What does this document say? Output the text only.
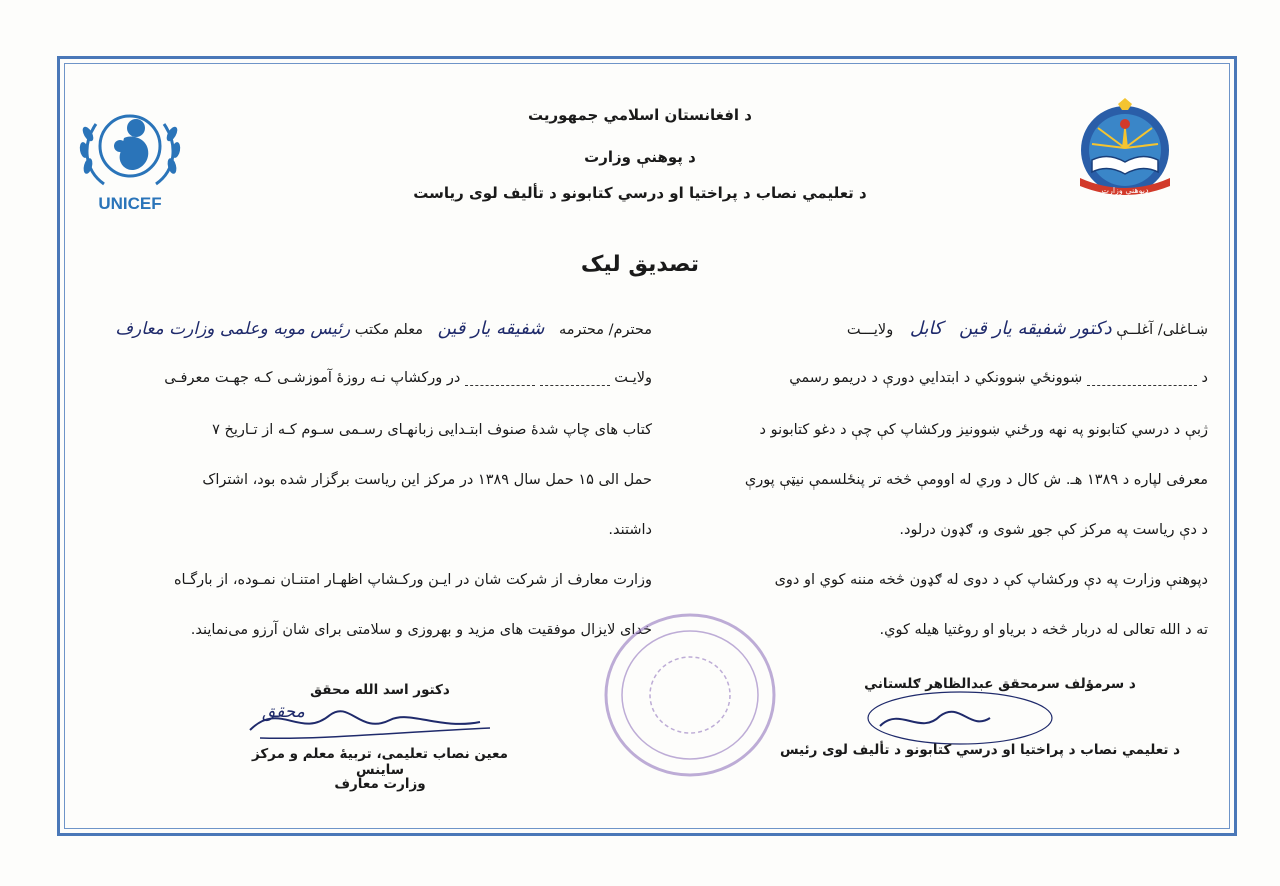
UNICEF
دپوهنې وزارت
د افغانستان اسلامي جمهوريت
د پوهنې وزارت
د تعليمي نصاب د پراختيا او درسي کتابونو د تألیف لوی رياست
تصديق ليک
ښـاغلی/ آغلــې دکتور شفيقه يار قين کابل ولايـــت
د  ښوونځي ښوونکي د ابتدايي دورې د دريمو رسمي
ژبې د درسي کتابونو په نهه ورځني ښوونيز ورکشاپ کې چې د دغو کتابونو د
معرفی لپاره د ۱۳۸۹ هـ. ش کال د وري له اوومې څخه تر پنځلسمې نيټې پورې
د دې رياست په مرکز کې جوړ شوی و، ګډون درلود.
دپوهنې وزارت په دې ورکشاپ کې د دوی له ګډون څخه مننه کوي او دوی
ته د الله تعالی له دربار څخه د برياو او روغتيا هيله کوي.
محترم/ محترمه شفيقه يار قين معلم مکتب رئيس موبه وعلمی وزارت معارف
ولايـت   در ورکشاپ نـه روزۀ آموزشـی کـه جهـت معرفـی
کتاب های چاپ شدۀ صنوف ابتـدايی زبانهـای رسـمی سـوم کـه از تـاريخ ۷
حمل الی ۱۵ حمل سال ۱۳۸۹ در مرکز اين رياست برگزار شده بود، اشتراک
داشتند.
وزارت معارف از شرکت شان در ايـن ورکـشاپ اظهـار امتنـان نمـوده، از بارگـاه
خدای لايزال موفقيت های مزيد و بهروزی و سلامتی برای شان آرزو می‌نمايند.
دکتور اسد الله محقق
محقق
معين نصاب تعليمی، تربيۀ معلم و مرکز ساينس
وزارت معارف
د سرمؤلف سرمحقق عبدالظاهر ګلستاني
د تعليمي نصاب د پراختيا او درسي کتابونو د تألیف لوی رئيس
